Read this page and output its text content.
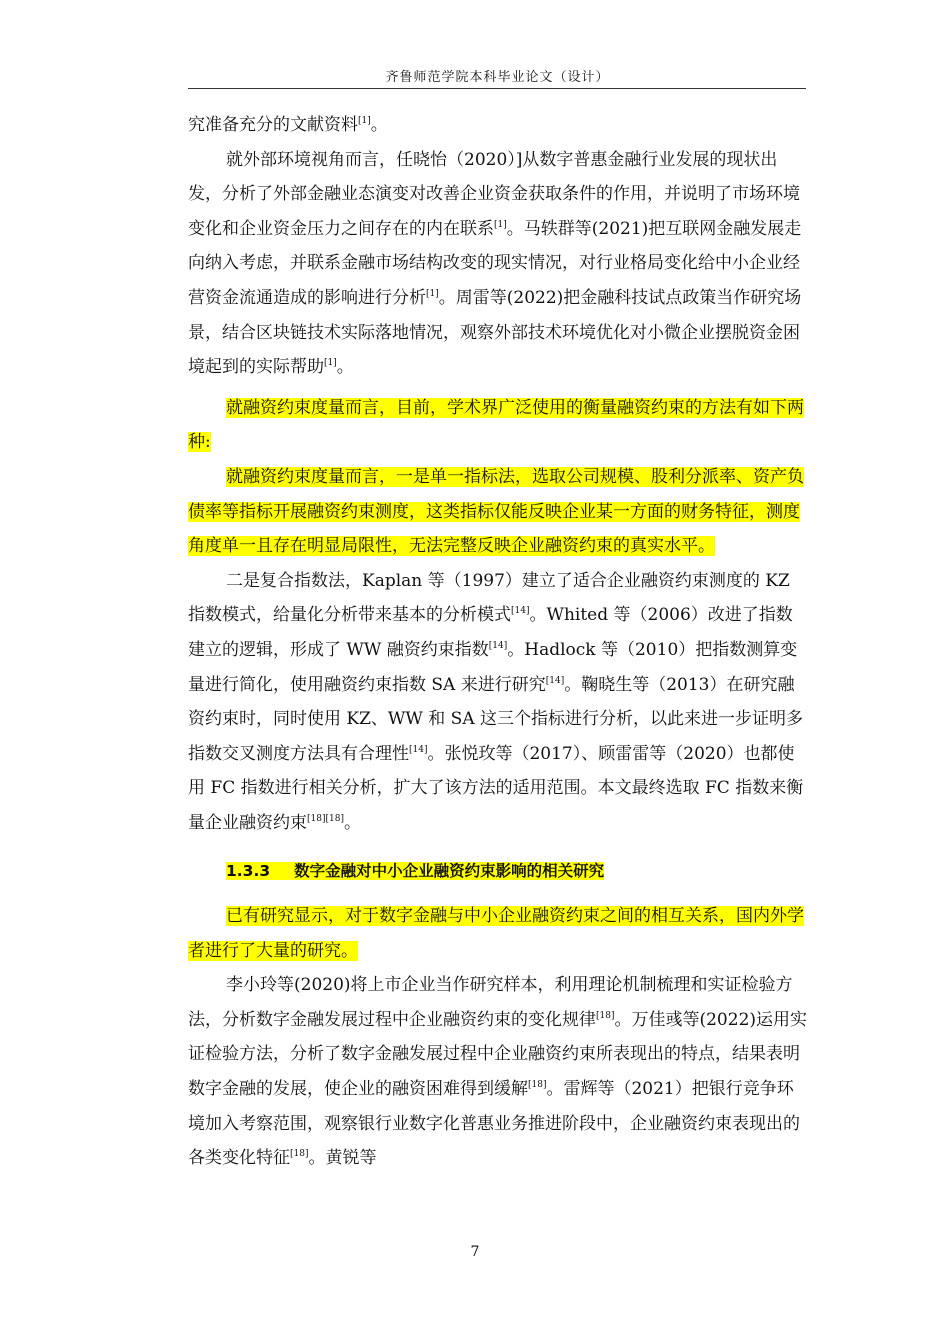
齐鲁师范学院本科毕业论文（设计）

究准备充分的文献资料[1]。

就外部环境视角而言，任晓怡（2020）]从数字普惠金融行业发展的现状出发，分析了外部金融业态演变对改善企业资金获取条件的作用，并说明了市场环境变化和企业资金压力之间存在的内在联系[1]。马轶群等(2021)把互联网金融发展走向纳入考虑，并联系金融市场结构改变的现实情况，对行业格局变化给中小企业经营资金流通造成的影响进行分析[1]。周雷等(2022)把金融科技试点政策当作研究场景，结合区块链技术实际落地情况，观察外部技术环境优化对小微企业摆脱资金困境起到的实际帮助[1]。

就融资约束度量而言，目前，学术界广泛使用的衡量融资约束的方法有如下两种:

就融资约束度量而言，一是单一指标法，选取公司规模、股利分派率、资产负债率等指标开展融资约束测度，这类指标仅能反映企业某一方面的财务特征，测度角度单一且存在明显局限性，无法完整反映企业融资约束的真实水平。

二是复合指数法，Kaplan 等（1997）建立了适合企业融资约束测度的 KZ 指数模式，给量化分析带来基本的分析模式[14]。Whited 等（2006）改进了指数建立的逻辑，形成了 WW 融资约束指数[14]。Hadlock 等（2010）把指数测算变量进行简化，使用融资约束指数 SA 来进行研究[14]。鞠晓生等（2013）在研究融资约束时，同时使用 KZ、WW 和 SA 这三个指标进行分析，以此来进一步证明多指数交叉测度方法具有合理性[14]。张悦玫等（2017）、顾雷雷等（2020）也都使用 FC 指数进行相关分析，扩大了该方法的适用范围。本文最终选取 FC 指数来衡量企业融资约束[18][18]。

1.3.3 数字金融对中小企业融资约束影响的相关研究

已有研究显示，对于数字金融与中小企业融资约束之间的相互关系，国内外学者进行了大量的研究。

李小玲等(2020)将上市企业当作研究样本，利用理论机制梳理和实证检验方法，分析数字金融发展过程中企业融资约束的变化规律[18]。万佳彧等(2022)运用实证检验方法，分析了数字金融发展过程中企业融资约束所表现出的特点，结果表明数字金融的发展，使企业的融资困难得到缓解[18]。雷辉等（2021）把银行竞争环境加入考察范围，观察银行业数字化普惠业务推进阶段中，企业融资约束表现出的各类变化特征[18]。黄锐等

7
